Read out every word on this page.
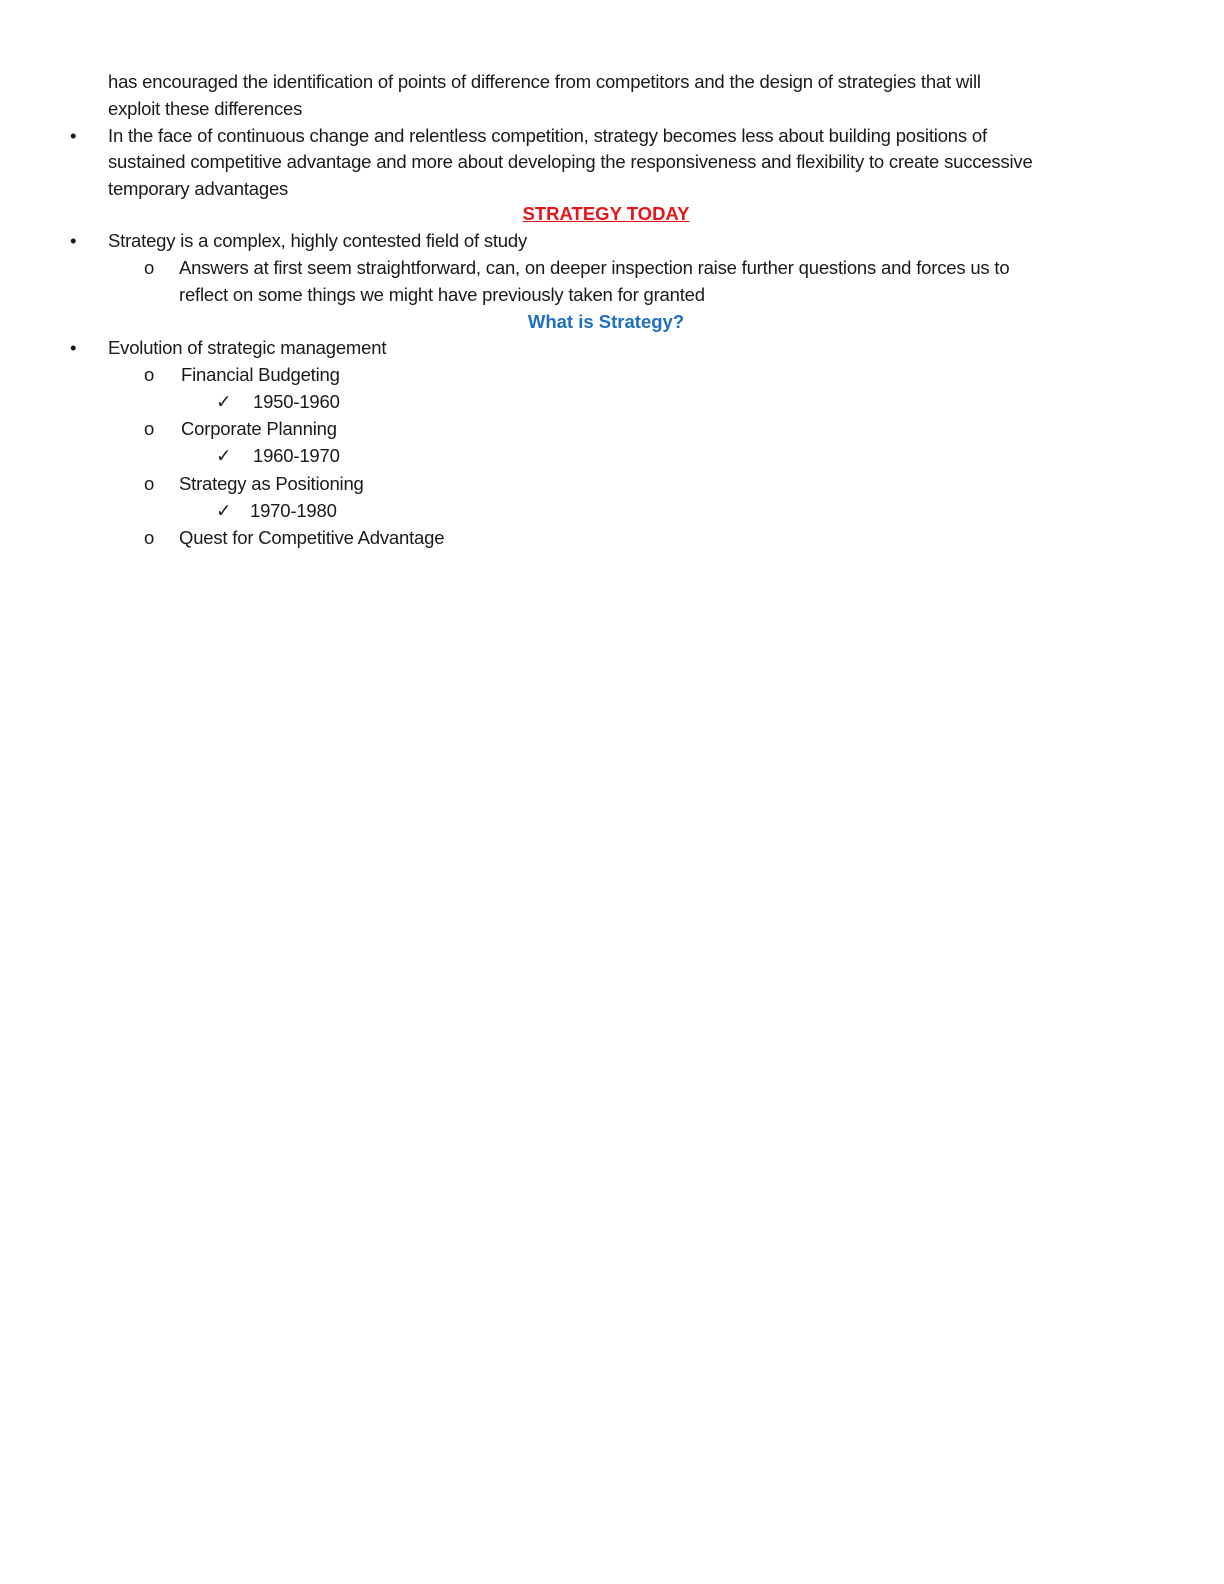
has encouraged the identification of points of difference from competitors and the design of strategies that will
exploit these differences
• In the face of continuous change and relentless competition, strategy becomes less about building positions of
sustained competitive advantage and more about developing the responsiveness and flexibility to create successive
temporary advantages
STRATEGY TODAY
• Strategy is a complex, highly contested field of study
o Answers at first seem straightforward, can, on deeper inspection raise further questions and forces us to
reflect on some things we might have previously taken for granted
What is Strategy?
• Evolution of strategic management
o Financial Budgeting
✓ 1950-1960
o Corporate Planning
✓ 1960-1970
o Strategy as Positioning
✓ 1970-1980
o Quest for Competitive Advantage
